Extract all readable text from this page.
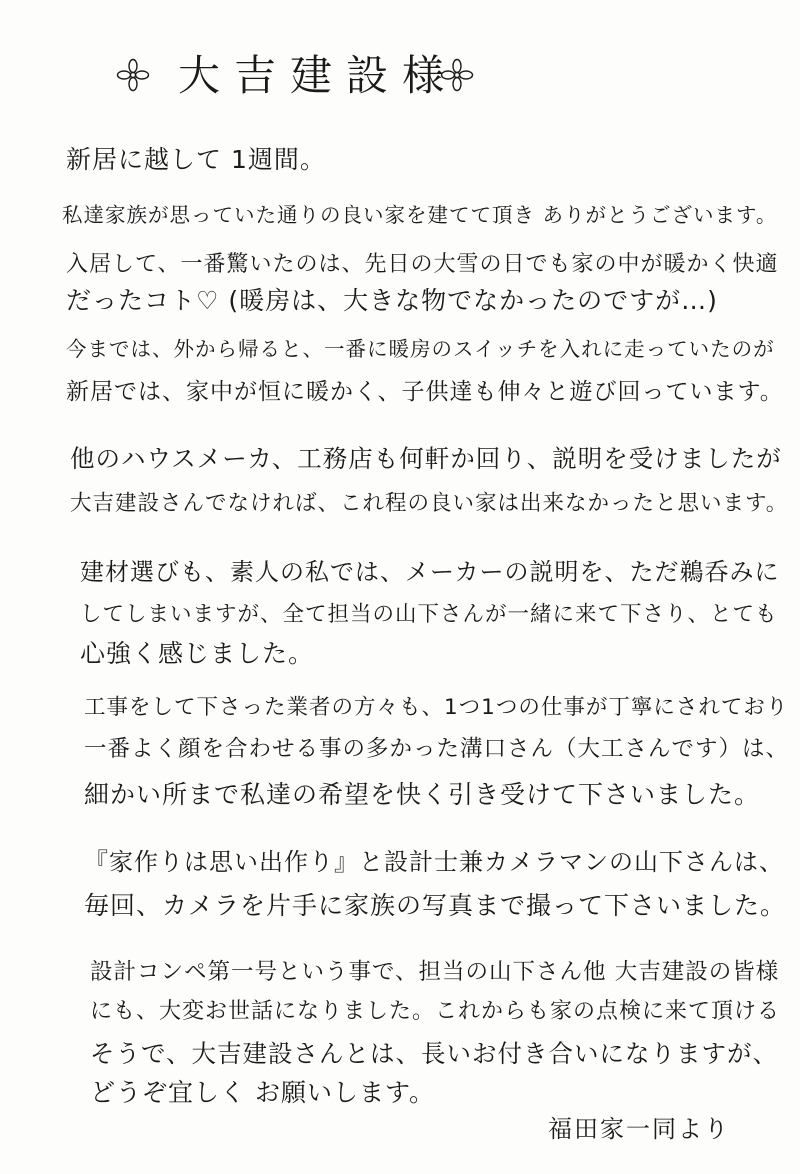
大吉建設様
新居に越して 1週間。
私達家族が思っていた通りの良い家を建てて頂き ありがとうございます。
入居して、一番驚いたのは、先日の大雪の日でも家の中が暖かく快適
だったコト♡ (暖房は、大きな物でなかったのですが…)
今までは、外から帰ると、一番に暖房のスイッチを入れに走っていたのが
新居では、家中が恒に暖かく、子供達も伸々と遊び回っています。
他のハウスメーカ、工務店も何軒か回り、説明を受けましたが
大吉建設さんでなければ、これ程の良い家は出来なかったと思います。
建材選びも、素人の私では、メーカーの説明を、ただ鵜呑みに
してしまいますが、全て担当の山下さんが一緒に来て下さり、とても
心強く感じました。
工事をして下さった業者の方々も、1つ1つの仕事が丁寧にされており
一番よく顔を合わせる事の多かった溝口さん（大工さんです）は、
細かい所まで私達の希望を快く引き受けて下さいました。
『家作りは思い出作り』と設計士兼カメラマンの山下さんは、
毎回、カメラを片手に家族の写真まで撮って下さいました。
設計コンペ第一号という事で、担当の山下さん他 大吉建設の皆様
にも、大変お世話になりました。これからも家の点検に来て頂ける
そうで、大吉建設さんとは、長いお付き合いになりますが、
どうぞ宜しく お願いします。
福田家一同より
